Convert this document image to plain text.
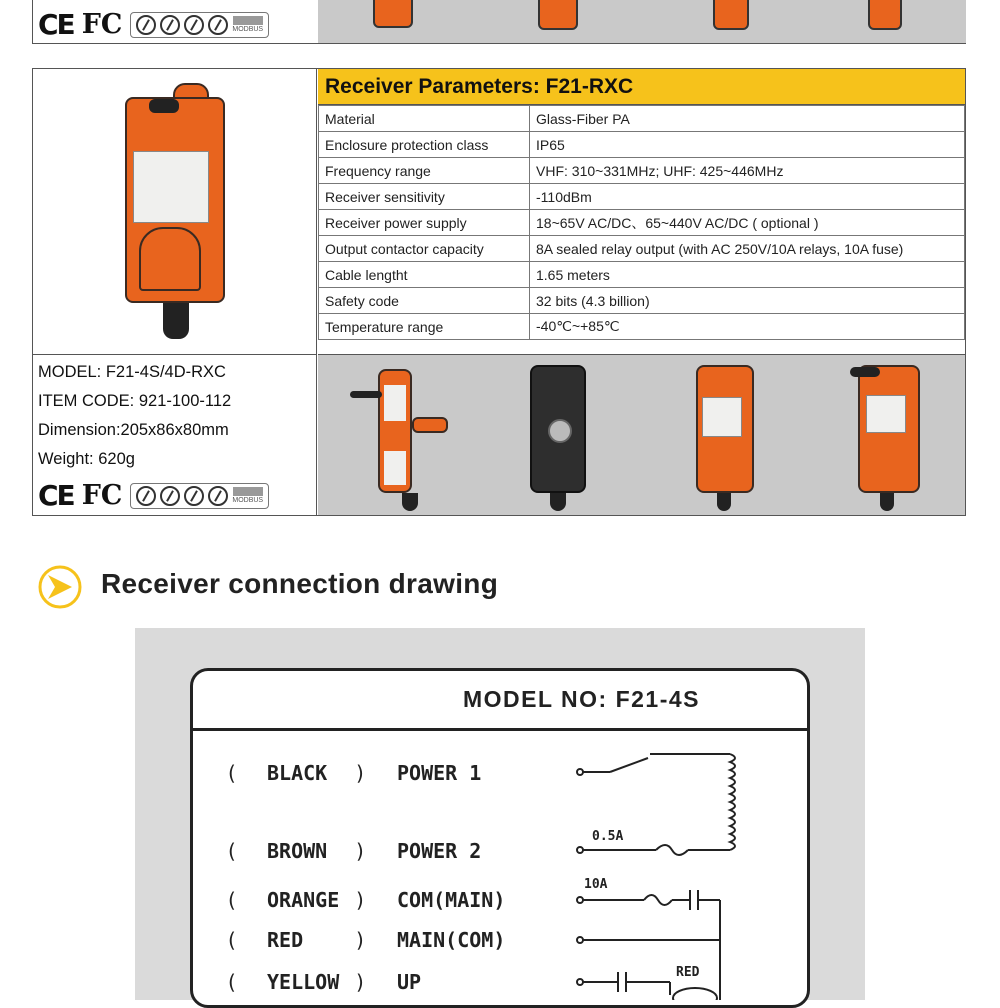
CE FC	MODBUS
Receiver Parameters: F21-RXC
Material	Glass-Fiber PA
Enclosure protection class	IP65
Frequency range	VHF: 310~331MHz; UHF: 425~446MHz
Receiver sensitivity	-110dBm
Receiver power supply	18~65V AC/DC、65~440V AC/DC ( optional )
Output contactor capacity	8A sealed relay output (with AC 250V/10A relays, 10A fuse)
Cable lengtht	1.65 meters
Safety code	32 bits (4.3 billion)
Temperature range	-40℃~+85℃
MODEL: F21-4S/4D-RXC
ITEM CODE: 921-100-112
Dimension:205x86x80mm
Weight: 620g
CE FC	MODBUS
Receiver connection drawing
MODEL NO: F21-4S
( BLACK ) POWER 1
( BROWN ) POWER 2
( ORANGE ) COM(MAIN)
( RED	) MAIN(COM)
( YELLOW ) UP
0.5A
10A
RED
